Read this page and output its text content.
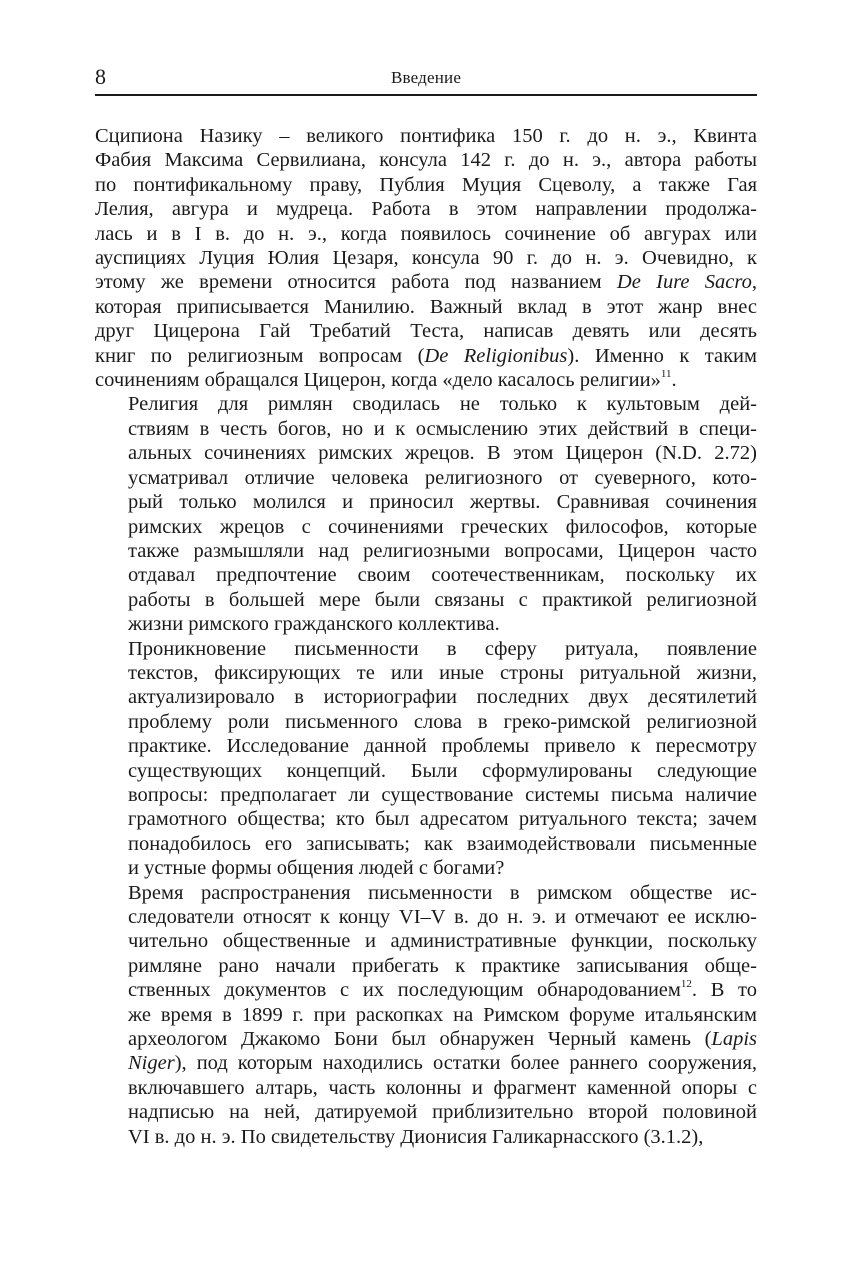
8	Введение
Сципиона Назику – великого понтифика 150 г. до н. э., Квинта
Фабия Максима Сервилиана, консула 142 г. до н. э., автора работы
по понтификальному праву, Публия Муция Сцеволу, а также Гая
Лелия, авгура и мудреца. Работа в этом направлении продолжа-
лась и в I в. до н. э., когда появилось сочинение об авгурах или
ауспициях Луция Юлия Цезаря, консула 90 г. до н. э. Очевидно, к
этому же времени относится работа под названием De Iure Sacro,
которая приписывается Манилию. Важный вклад в этот жанр внес
друг Цицерона Гай Требатий Теста, написав девять или десять
книг по религиозным вопросам (De Religionibus). Именно к таким
сочинениям обращался Цицерон, когда «дело касалось религии»$^{11}$.
Религия для римлян сводилась не только к культовым дей-
ствиям в честь богов, но и к осмыслению этих действий в специ-
альных сочинениях римских жрецов. В этом Цицерон (N.D. 2.72)
усматривал отличие человека религиозного от суеверного, кото-
рый только молился и приносил жертвы. Сравнивая сочинения
римских жрецов с сочинениями греческих философов, которые
также размышляли над религиозными вопросами, Цицерон часто
отдавал предпочтение своим соотечественникам, поскольку их
работы в большей мере были связаны с практикой религиозной
жизни римского гражданского коллектива.
Проникновение письменности в сферу ритуала, появление
текстов, фиксирующих те или иные строны ритуальной жизни,
актуализировало в историографии последних двух десятилетий
проблему роли письменного слова в греко-римской религиозной
практике. Исследование данной проблемы привело к пересмотру
существующих концепций. Были сформулированы следующие
вопросы: предполагает ли существование системы письма наличие
грамотного общества; кто был адресатом ритуального текста; зачем
понадобилось его записывать; как взаимодействовали письменные
и устные формы общения людей с богами?
Время распространения письменности в римском обществе ис-
следователи относят к концу VI–V в. до н. э. и отмечают ее исклю-
чительно общественные и административные функции, поскольку
римляне рано начали прибегать к практике записывания обще-
ственных документов с их последующим обнародованием$^{12}$. В то
же время в 1899 г. при раскопках на Римском форуме итальянским
археологом Джакомо Бони был обнаружен Черный камень (Lapis
Niger), под которым находились остатки более раннего сооружения,
включавшего алтарь, часть колонны и фрагмент каменной опоры с
надписью на ней, датируемой приблизительно второй половиной
VI в. до н. э. По свидетельству Дионисия Галикарнасского (3.1.2),
